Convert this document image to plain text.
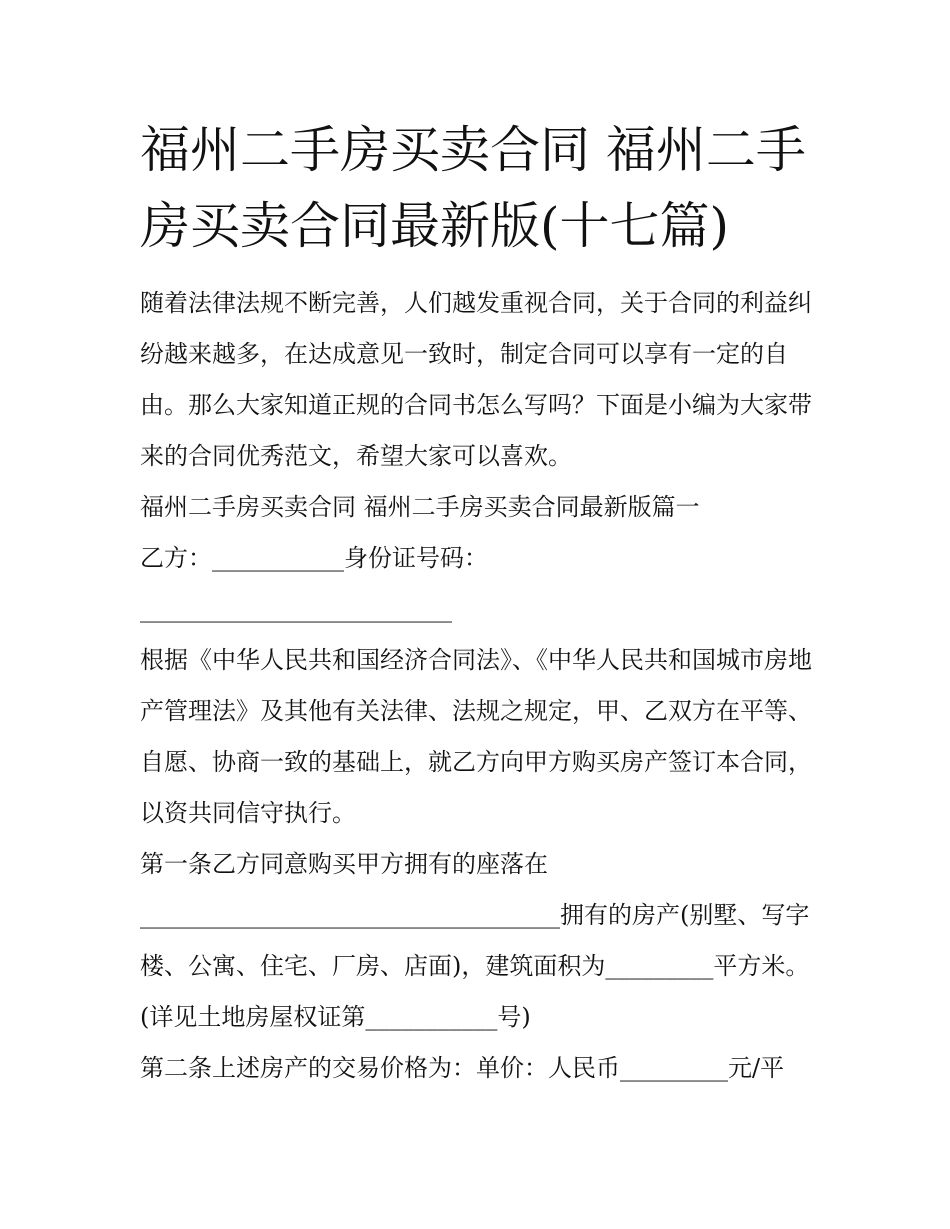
福州二手房买卖合同 福州二手房买卖合同最新版(十七篇)

随着法律法规不断完善，人们越发重视合同，关于合同的利益纠纷越来越多，在达成意见一致时，制定合同可以享有一定的自由。那么大家知道正规的合同书怎么写吗？下面是小编为大家带来的合同优秀范文，希望大家可以喜欢。

福州二手房买卖合同 福州二手房买卖合同最新版篇一

乙方：___________身份证号码：

__________________________

根据《中华人民共和国经济合同法》、《中华人民共和国城市房地产管理法》及其他有关法律、法规之规定，甲、乙双方在平等、自愿、协商一致的基础上，就乙方向甲方购买房产签订本合同，以资共同信守执行。

第一条乙方同意购买甲方拥有的座落在

___________________________________拥有的房产(别墅、写字楼、公寓、住宅、厂房、店面)，建筑面积为_________平方米。(详见土地房屋权证第___________号)

第二条上述房产的交易价格为：单价：人民币_________元/平
